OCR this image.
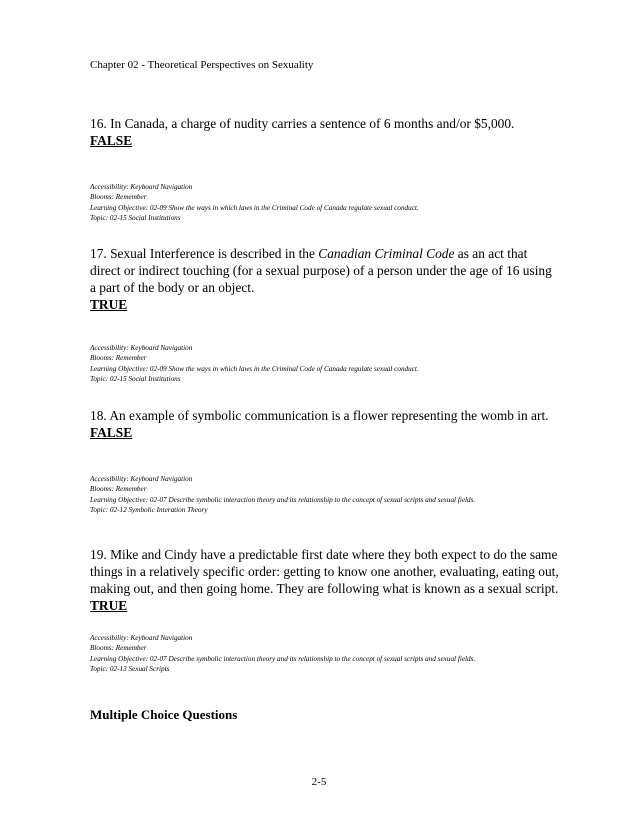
Chapter 02 - Theoretical Perspectives on Sexuality
16. In Canada, a charge of nudity carries a sentence of 6 months and/or $5,000.
FALSE
Accessibility: Keyboard Navigation
Blooms: Remember
Learning Objective: 02-09 Show the ways in which laws in the Criminal Code of Canada regulate sexual conduct.
Topic: 02-15 Social Institutions
17. Sexual Interference is described in the Canadian Criminal Code as an act that direct or indirect touching (for a sexual purpose) of a person under the age of 16 using a part of the body or an object.
TRUE
Accessibility: Keyboard Navigation
Blooms: Remember
Learning Objective: 02-09 Show the ways in which laws in the Criminal Code of Canada regulate sexual conduct.
Topic: 02-15 Social Institutions
18. An example of symbolic communication is a flower representing the womb in art.
FALSE
Accessibility: Keyboard Navigation
Blooms: Remember
Learning Objective: 02-07 Describe symbolic interaction theory and its relationship to the concept of sexual scripts and sexual fields.
Topic: 02-12 Symbolic Interation Theory
19. Mike and Cindy have a predictable first date where they both expect to do the same things in a relatively specific order: getting to know one another, evaluating, eating out, making out, and then going home. They are following what is known as a sexual script.
TRUE
Accessibility: Keyboard Navigation
Blooms: Remember
Learning Objective: 02-07 Describe symbolic interaction theory and its relationship to the concept of sexual scripts and sexual fields.
Topic: 02-13 Sexual Scripts
Multiple Choice Questions
2-5
